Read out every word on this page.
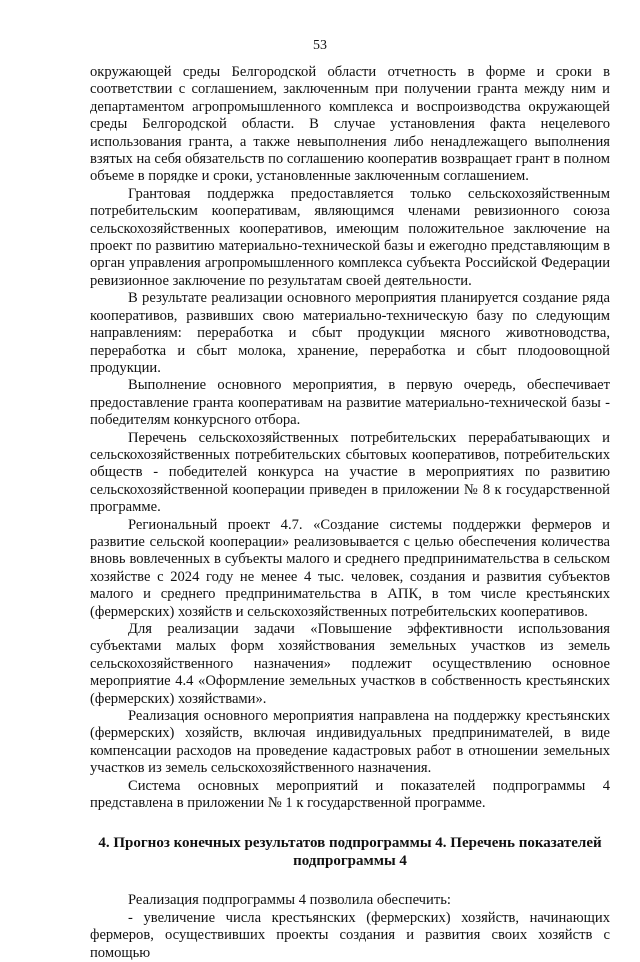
53

окружающей среды Белгородской области отчетность в форме и сроки в соответствии с соглашением, заключенным при получении гранта между ним и департаментом агропромышленного комплекса и воспроизводства окружающей среды Белгородской области. В случае установления факта нецелевого использования гранта, а также невыполнения либо ненадлежащего выполнения взятых на себя обязательств по соглашению кооператив возвращает грант в полном объеме в порядке и сроки, установленные заключенным соглашением.

Грантовая поддержка предоставляется только сельскохозяйственным потребительским кооперативам, являющимся членами ревизионного союза сельскохозяйственных кооперативов, имеющим положительное заключение на проект по развитию материально-технической базы и ежегодно представляющим в орган управления агропромышленного комплекса субъекта Российской Федерации ревизионное заключение по результатам своей деятельности.

В результате реализации основного мероприятия планируется создание ряда кооперативов, развивших свою материально-техническую базу по следующим направлениям: переработка и сбыт продукции мясного животноводства, переработка и сбыт молока, хранение, переработка и сбыт плодоовощной продукции.

Выполнение основного мероприятия, в первую очередь, обеспечивает предоставление гранта кооперативам на развитие материально-технической базы - победителям конкурсного отбора.

Перечень сельскохозяйственных потребительских перерабатывающих и сельскохозяйственных потребительских сбытовых кооперативов, потребительских обществ - победителей конкурса на участие в мероприятиях по развитию сельскохозяйственной кооперации приведен в приложении № 8 к государственной программе.

Региональный проект 4.7. «Создание системы поддержки фермеров и развитие сельской кооперации» реализовывается с целью обеспечения количества вновь вовлеченных в субъекты малого и среднего предпринимательства в сельском хозяйстве с 2024 году не менее 4 тыс. человек, создания и развития субъектов малого и среднего предпринимательства в АПК, в том числе крестьянских (фермерских) хозяйств и сельскохозяйственных потребительских кооперативов.

Для реализации задачи «Повышение эффективности использования субъектами малых форм хозяйствования земельных участков из земель сельскохозяйственного назначения» подлежит осуществлению основное мероприятие 4.4 «Оформление земельных участков в собственность крестьянских (фермерских) хозяйствами».

Реализация основного мероприятия направлена на поддержку крестьянских (фермерских) хозяйств, включая индивидуальных предпринимателей, в виде компенсации расходов на проведение кадастровых работ в отношении земельных участков из земель сельскохозяйственного назначения.

Система основных мероприятий и показателей подпрограммы 4 представлена в приложении № 1 к государственной программе.

4. Прогноз конечных результатов подпрограммы 4. Перечень показателей
подпрограммы 4

Реализация подпрограммы 4 позволила обеспечить:

- увеличение числа крестьянских (фермерских) хозяйств, начинающих фермеров, осуществивших проекты создания и развития своих хозяйств с помощью
